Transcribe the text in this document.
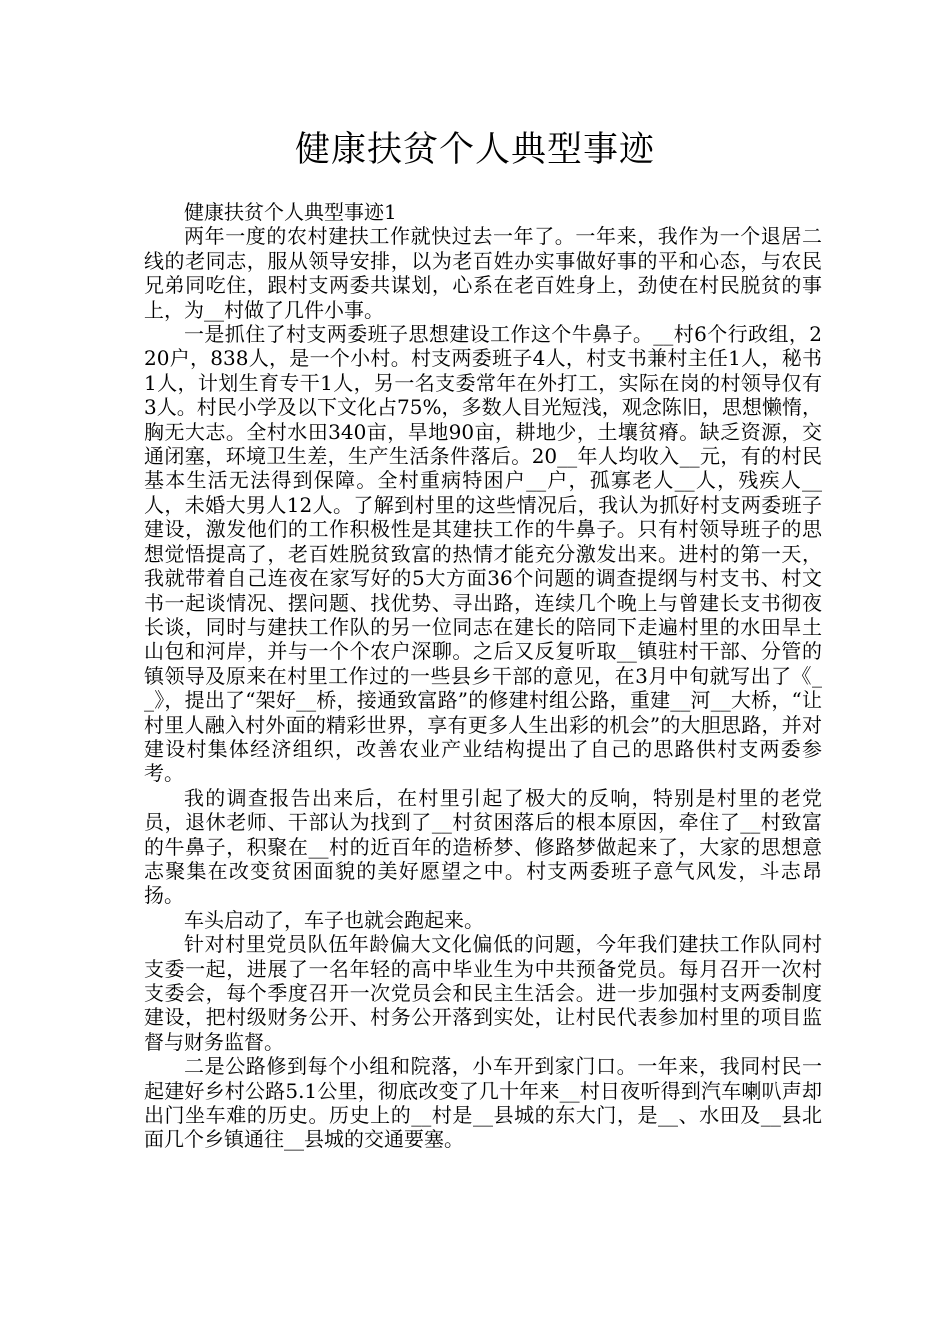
健康扶贫个人典型事迹

健康扶贫个人典型事迹1

两年一度的农村建扶工作就快过去一年了。一年来，我作为一个退居二线的老同志，服从领导安排，以为老百姓办实事做好事的平和心态，与农民兄弟同吃住，跟村支两委共谋划，心系在老百姓身上，劲使在村民脱贫的事上，为__村做了几件小事。

一是抓住了村支两委班子思想建设工作这个牛鼻子。__村6个行政组，220户，838人，是一个小村。村支两委班子4人，村支书兼村主任1人，秘书1人，计划生育专干1人，另一名支委常年在外打工，实际在岗的村领导仅有3人。村民小学及以下文化占75%，多数人目光短浅，观念陈旧，思想懒惰，胸无大志。全村水田340亩，旱地90亩，耕地少，土壤贫瘠。缺乏资源，交通闭塞，环境卫生差，生产生活条件落后。20__年人均收入__元，有的村民基本生活无法得到保障。全村重病特困户__户，孤寡老人__人，残疾人__人，未婚大男人12人。了解到村里的这些情况后，我认为抓好村支两委班子建设，激发他们的工作积极性是其建扶工作的牛鼻子。只有村领导班子的思想觉悟提高了，老百姓脱贫致富的热情才能充分激发出来。进村的第一天，我就带着自己连夜在家写好的5大方面36个问题的调查提纲与村支书、村文书一起谈情况、摆问题、找优势、寻出路，连续几个晚上与曾建长支书彻夜长谈，同时与建扶工作队的另一位同志在建长的陪同下走遍村里的水田旱土山包和河岸，并与一个个农户深聊。之后又反复听取__镇驻村干部、分管的镇领导及原来在村里工作过的一些县乡干部的意见，在3月中旬就写出了《__》，提出了“架好__桥，接通致富路”的修建村组公路，重建__河__大桥，“让村里人融入村外面的精彩世界，享有更多人生出彩的机会”的大胆思路，并对建设村集体经济组织，改善农业产业结构提出了自己的思路供村支两委参考。

我的调查报告出来后，在村里引起了极大的反响，特别是村里的老党员，退休老师、干部认为找到了__村贫困落后的根本原因，牵住了__村致富的牛鼻子，积聚在__村的近百年的造桥梦、修路梦做起来了，大家的思想意志聚集在改变贫困面貌的美好愿望之中。村支两委班子意气风发，斗志昂扬。

车头启动了，车子也就会跑起来。

针对村里党员队伍年龄偏大文化偏低的问题，今年我们建扶工作队同村支委一起，进展了一名年轻的高中毕业生为中共预备党员。每月召开一次村支委会，每个季度召开一次党员会和民主生活会。进一步加强村支两委制度建设，把村级财务公开、村务公开落到实处，让村民代表参加村里的项目监督与财务监督。

二是公路修到每个小组和院落，小车开到家门口。一年来，我同村民一起建好乡村公路5.1公里，彻底改变了几十年来__村日夜听得到汽车喇叭声却出门坐车难的历史。历史上的__村是__县城的东大门，是__、水田及__县北面几个乡镇通往__县城的交通要塞。
